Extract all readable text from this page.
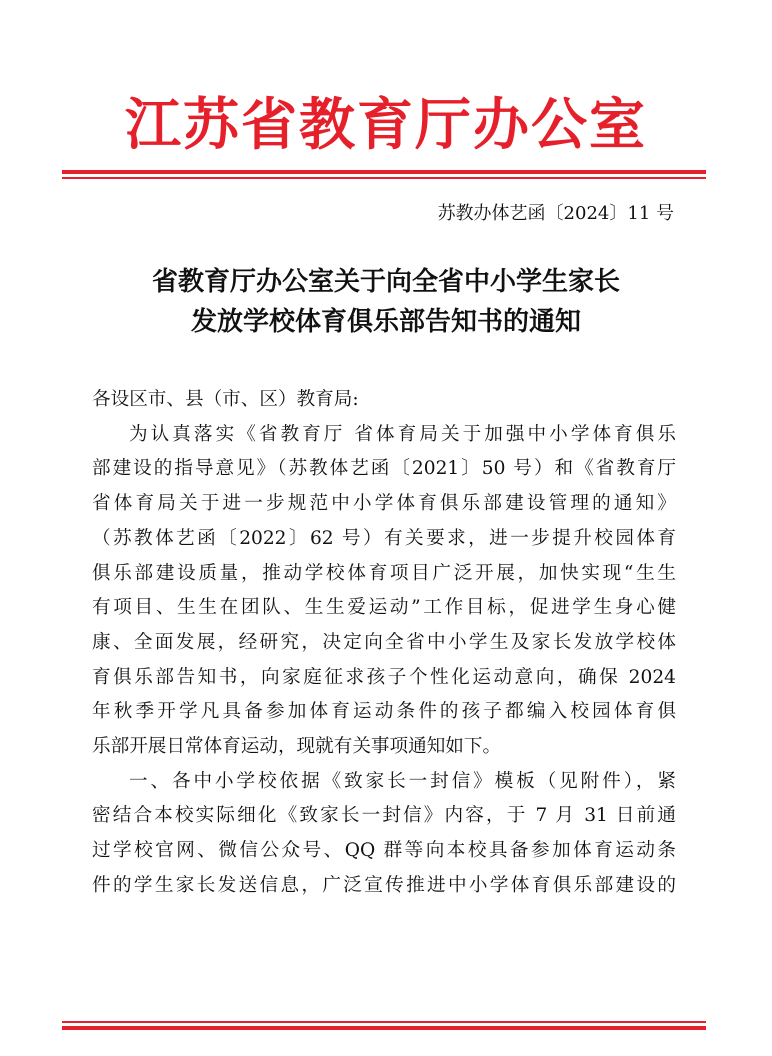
江苏省教育厅办公室
苏教办体艺函〔2024〕11 号
省教育厅办公室关于向全省中小学生家长
发放学校体育俱乐部告知书的通知

各设区市、县（市、区）教育局:

为认真落实《省教育厅 省体育局关于加强中小学体育俱乐
部建设的指导意见》（苏教体艺函〔2021〕50 号）和《省教育厅
省体育局关于进一步规范中小学体育俱乐部建设管理的通知》
（苏教体艺函〔2022〕62 号）有关要求，进一步提升校园体育
俱乐部建设质量，推动学校体育项目广泛开展，加快实现“生生
有项目、生生在团队、生生爱运动”工作目标，促进学生身心健
康、全面发展，经研究，决定向全省中小学生及家长发放学校体
育俱乐部告知书，向家庭征求孩子个性化运动意向，确保 2024
年秋季开学凡具备参加体育运动条件的孩子都编入校园体育俱
乐部开展日常体育运动，现就有关事项通知如下。

一、各中小学校依据《致家长一封信》模板（见附件），紧
密结合本校实际细化《致家长一封信》内容，于 7 月 31 日前通
过学校官网、微信公众号、QQ 群等向本校具备参加体育运动条
件的学生家长发送信息，广泛宣传推进中小学体育俱乐部建设的
